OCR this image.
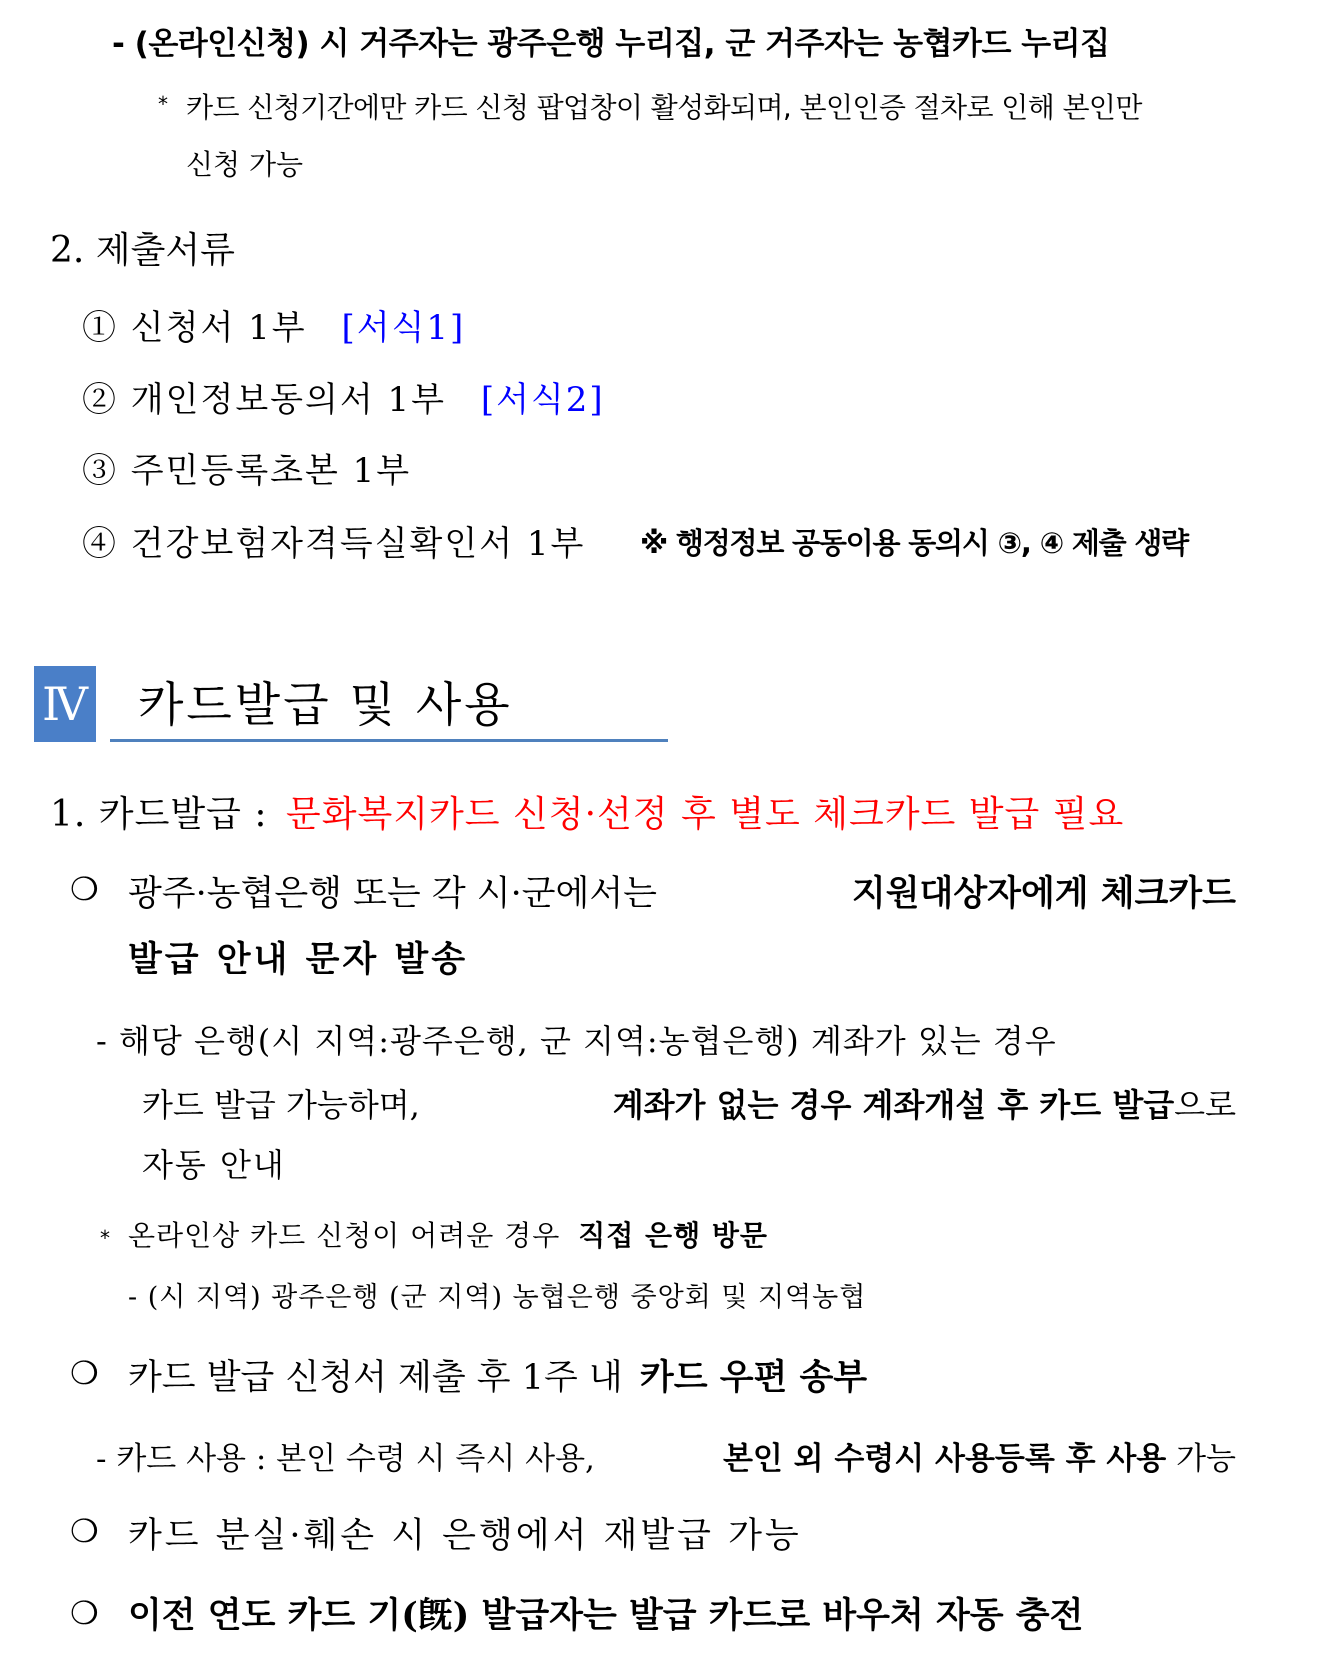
- (온라인신청) 시 거주자는 광주은행 누리집, 군 거주자는 농협카드 누리집
* 카드 신청기간에만 카드 신청 팝업창이 활성화되며, 본인인증 절차로 인해 본인만
신청 가능
2. 제출서류
① 신청서 1부 [서식1]
② 개인정보동의서 1부 [서식2]
③ 주민등록초본 1부
④ 건강보험자격득실확인서 1부 ※ 행정정보 공동이용 동의시 ③, ④ 제출 생략
Ⅳ 카드발급 및 사용
1. 카드발급 : 문화복지카드 신청·선정 후 별도 체크카드 발급 필요
❍ 광주·농협은행 또는 각 시·군에서는	지원대상자에게 체크카드
발급 안내 문자 발송
- 해당 은행(시 지역:광주은행, 군 지역:농협은행) 계좌가 있는 경우
카드 발급 가능하며,	계좌가 없는 경우 계좌개설 후 카드 발급으로
자동 안내
* 온라인상 카드 신청이 어려운 경우 직접 은행 방문
- (시 지역) 광주은행 (군 지역) 농협은행 중앙회 및 지역농협
❍ 카드 발급 신청서 제출 후 1주 내 카드 우편 송부
- 카드 사용 : 본인 수령 시 즉시 사용,	본인 외 수령시 사용등록 후 사용 가능
❍ 카드 분실·훼손 시 은행에서 재발급 가능
❍ 이전 연도 카드 기(旣) 발급자는 발급 카드로 바우처 자동 충전
